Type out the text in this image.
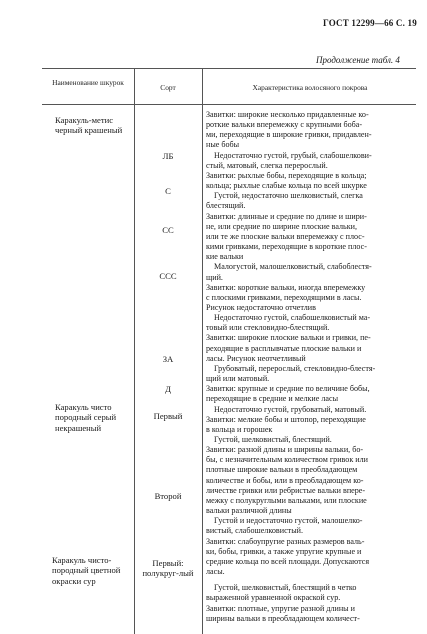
ГОСТ 12299—66 С. 19
Продолжение табл. 4
Наименование шкурок
Сорт	Характеристика волосяного покрова
Каракуль-метис черный крашеный
Каракуль чисто породный серый некрашеный
Каракуль чисто-породный цветной окраски сур
ЛБ
С
СС
ССС
ЗА
Д
Первый
Второй
Первый: полукруг-лый
Завитки: широкие несколько придавленные ко-
роткие вальки вперемежку с крупными боба-
ми, переходящие в широкие гривки, придавлен-
ные бобы
Недостаточно густой, грубый, слабошелкови-
стый, матовый, слегка перерослый.
Завитки: рыхлые бобы, переходящие в кольца;
кольца; рыхлые слабые кольца по всей шкурке
Густой, недостаточно шелковистый, слегка
блестящий.
Завитки: длинные и средние по длине и шири-
не, или средние по ширине плоские вальки,
или те же плоские вальки вперемежку с плос-
кими гривками, переходящие в короткие плос-
кие вальки
Малогустой, малошелковистый, слабоблестя-
щий.
Завитки: короткие вальки, иногда вперемежку
с плоскими гривками, переходящими в ласы.
Рисунок недостаточно отчетлив
Недостаточно густой, слабошелковистый ма-
товый или стекловидно-блестящий.
Завитки: широкие плоские вальки и гривки, пе-
реходящие в расплывчатые плоские вальки и
ласы. Рисунок неотчетливый
Грубоватый, перерослый, стекловидно-блестя-
щий или матовый.
Завитки: крупные и средние по величине бобы,
переходящие в средние и мелкие ласы
Недостаточно густой, грубоватый, матовый.
Завитки: мелкие бобы и штопор, переходящие
в кольца и горошек
Густой, шелковистый, блестящий.
Завитки: разной длины и ширины вальки, бо-
бы, с незначительным количеством гривок или
плотные широкие вальки в преобладающем
количестве и бобы, или в преобладающем ко-
личестве гривки или ребристые вальки впере-
межку с полукруглыми вальками, или плоские
вальки различной длины
Густой и недостаточно густой, малошелко-
вистый, слабошелковистый.
Завитки: слабоупругие разных размеров валь-
ки, бобы, гривки, а также упругие крупные и
средние кольца по всей площади. Допускаются
ласы.
Густой, шелковистый, блестящий в четко
выраженной уравненной окраской сур.
Завитки: плотные, упругие разной длины и
ширины вальки в преобладающем количест-
